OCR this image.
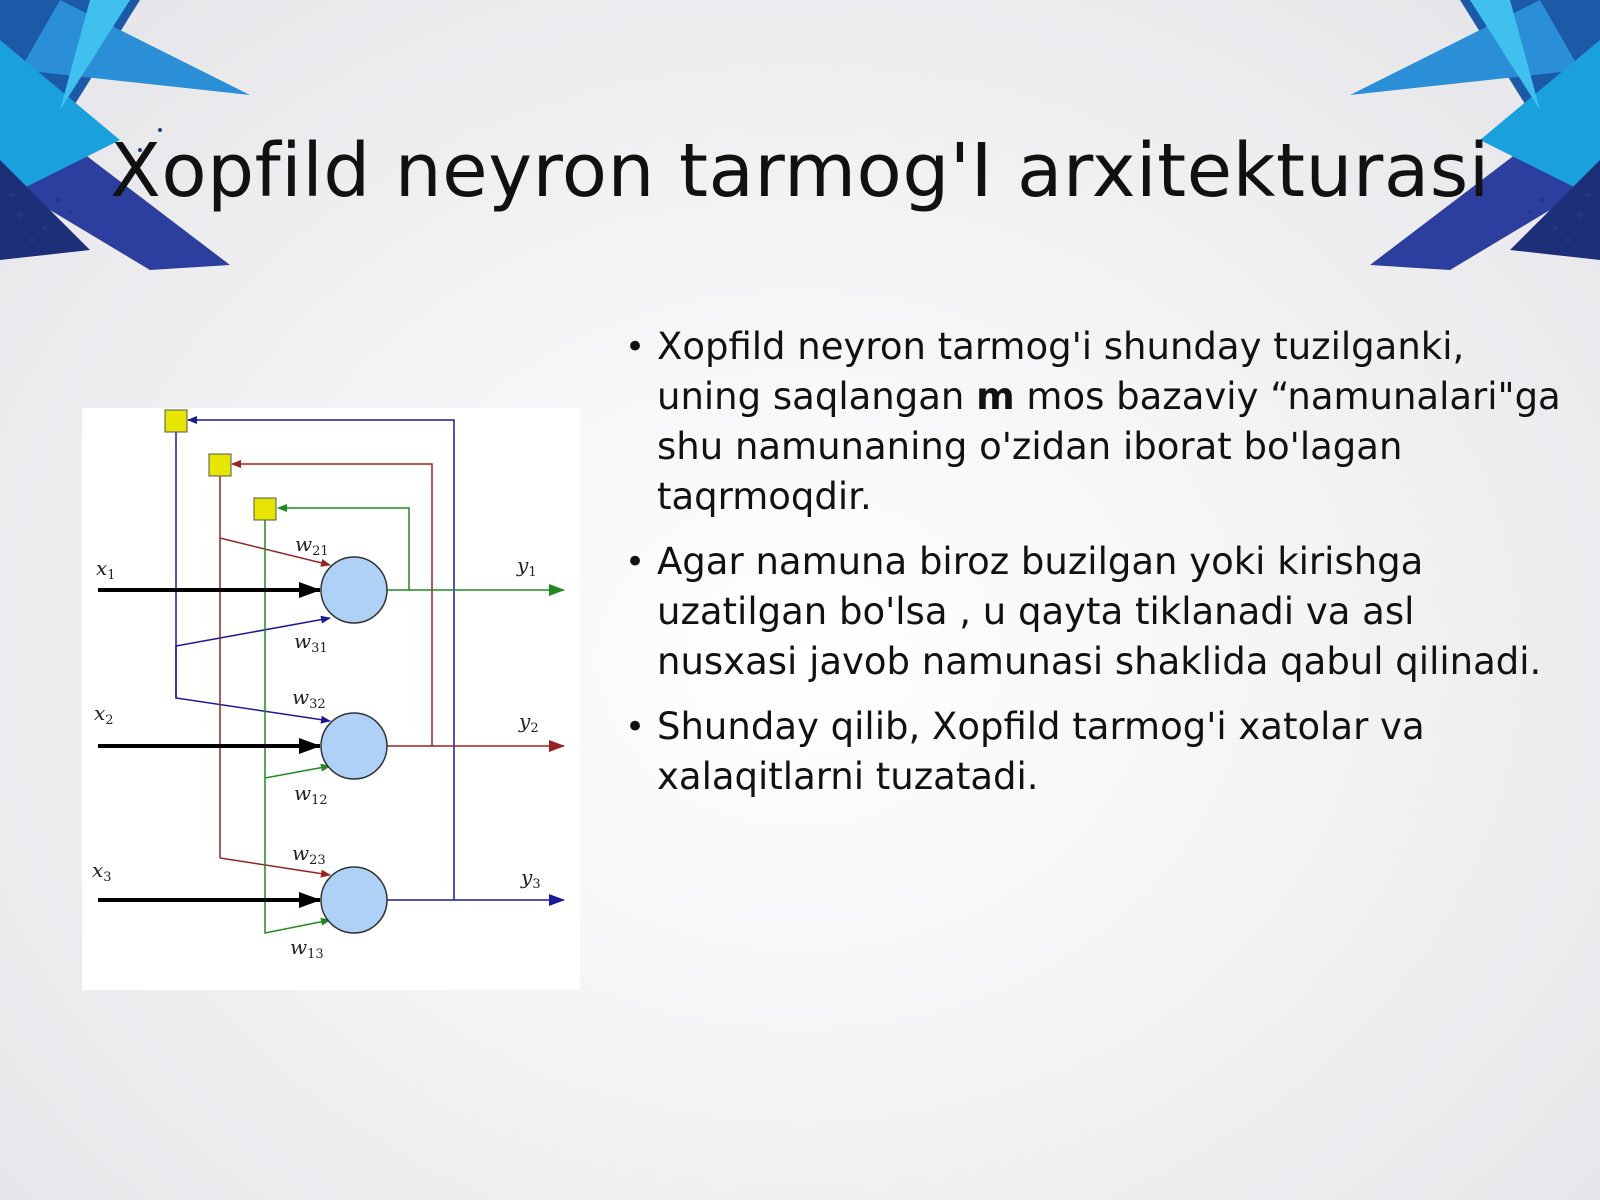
Xopfild neyron tarmog'I arxitekturasi
$x_1$
$x_2$
$x_3$
$y_1$
$y_2$
$y_3$
$w_{21}$
$w_{31}$
$w_{32}$
$w_{12}$
$w_{23}$
$w_{13}$
• Xopfild neyron tarmog'i shunday tuzilganki, uning saqlangan m mos bazaviy “namunalari"ga shu namunaning o'zidan iborat bo'lagan taqrmoqdir.
• Agar namuna biroz buzilgan yoki kirishga uzatilgan bo'lsa , u qayta tiklanadi va asl nusxasi javob namunasi shaklida qabul qilinadi.
• Shunday qilib, Xopfild tarmog'i xatolar va xalaqitlarni tuzatadi.
